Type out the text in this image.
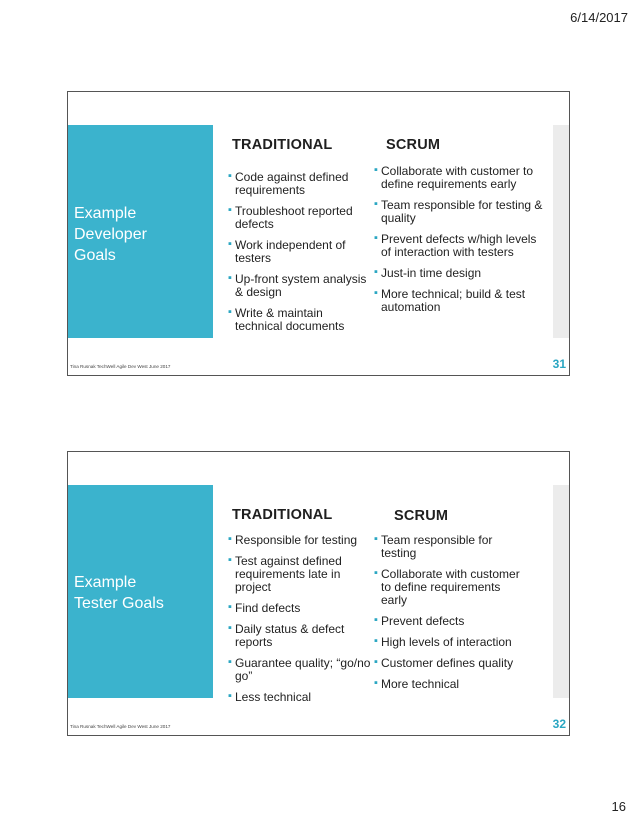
6/14/2017
Example
Developer
Goals
TRADITIONAL	SCRUM
▪ Code against defined requirements
▪ Troubleshoot reported defects
▪ Work independent of testers
▪ Up-front system analysis & design
▪ Write & maintain technical documents
▪ Collaborate with customer to define requirements early
▪ Team responsible for testing & quality
▪ Prevent defects w/high levels of interaction with testers
▪ Just-in time design
▪ More technical; build & test automation
Tina Rusnak TechWell Agile Dev West June 2017	31
Example
Tester Goals
TRADITIONAL	SCRUM
▪ Responsible for testing
▪ Test against defined requirements late in project
▪ Find defects
▪ Daily status & defect reports
▪ Guarantee quality; “go/no go”
▪ Less technical
▪ Team responsible for testing
▪ Collaborate with customer to define requirements early
▪ Prevent defects
▪ High levels of interaction
▪ Customer defines quality
▪ More technical
Tina Rusnak TechWell Agile Dev West June 2017	32
16
